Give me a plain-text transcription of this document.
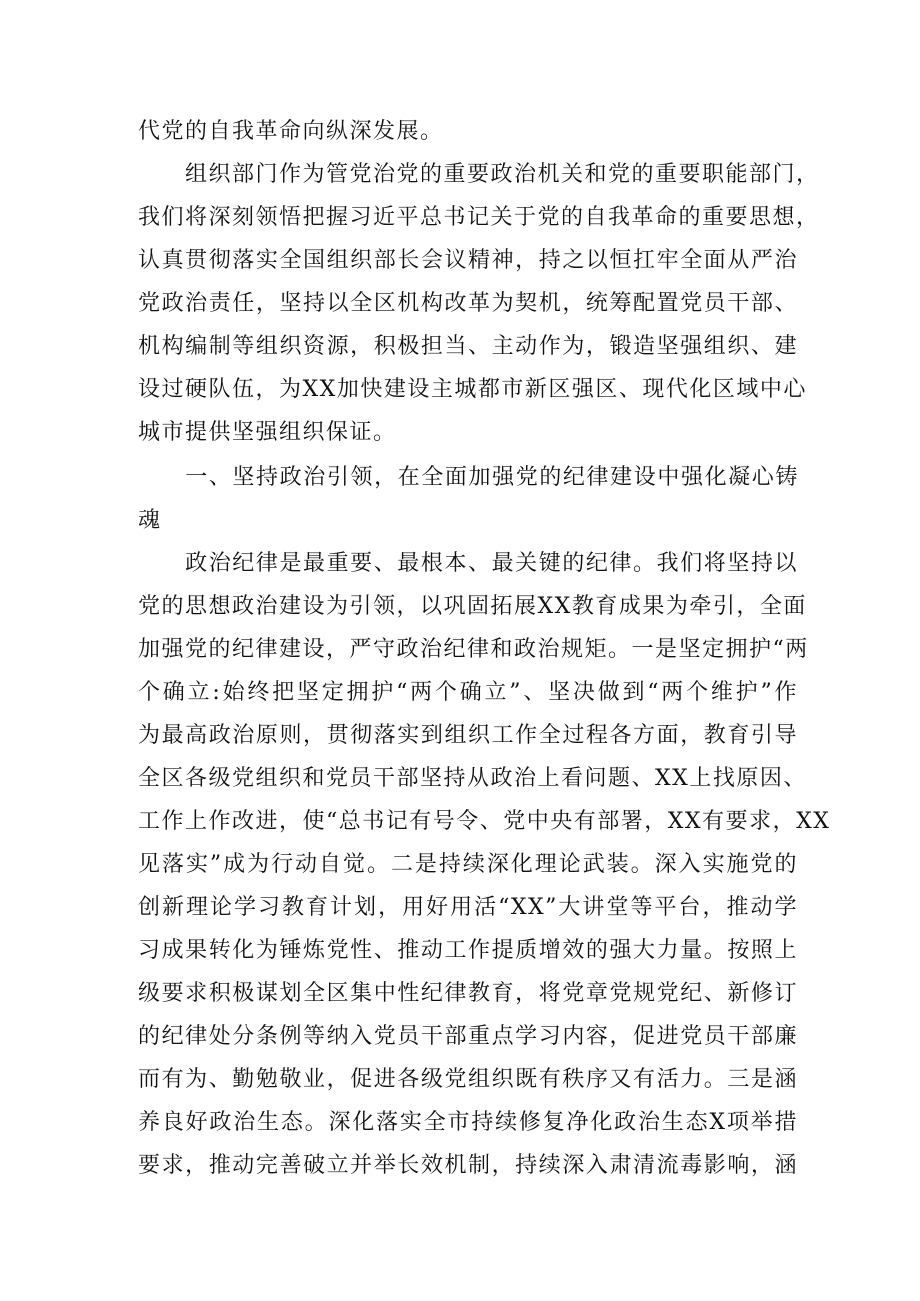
代党的自我革命向纵深发展。
　　组织部门作为管党治党的重要政治机关和党的重要职能部门，
我们将深刻领悟把握习近平总书记关于党的自我革命的重要思想，
认真贯彻落实全国组织部长会议精神，持之以恒扛牢全面从严治
党政治责任，坚持以全区机构改革为契机，统筹配置党员干部、
机构编制等组织资源，积极担当、主动作为，锻造坚强组织、建
设过硬队伍，为XX加快建设主城都市新区强区、现代化区域中心
城市提供坚强组织保证。
　　一、坚持政治引领，在全面加强党的纪律建设中强化凝心铸
魂
　　政治纪律是最重要、最根本、最关键的纪律。我们将坚持以
党的思想政治建设为引领，以巩固拓展XX教育成果为牵引，全面
加强党的纪律建设，严守政治纪律和政治规矩。一是坚定拥护“两
个确立:始终把坚定拥护“两个确立”、坚决做到“两个维护”作
为最高政治原则，贯彻落实到组织工作全过程各方面，教育引导
全区各级党组织和党员干部坚持从政治上看问题、XX上找原因、
工作上作改进，使“总书记有号令、党中央有部署，XX有要求，XX
见落实”成为行动自觉。二是持续深化理论武装。深入实施党的
创新理论学习教育计划，用好用活“XX”大讲堂等平台，推动学
习成果转化为锤炼党性、推动工作提质增效的强大力量。按照上
级要求积极谋划全区集中性纪律教育，将党章党规党纪、新修订
的纪律处分条例等纳入党员干部重点学习内容，促进党员干部廉
而有为、勤勉敬业，促进各级党组织既有秩序又有活力。三是涵
养良好政治生态。深化落实全市持续修复净化政治生态X项举措
要求，推动完善破立并举长效机制，持续深入肃清流毒影响，涵
